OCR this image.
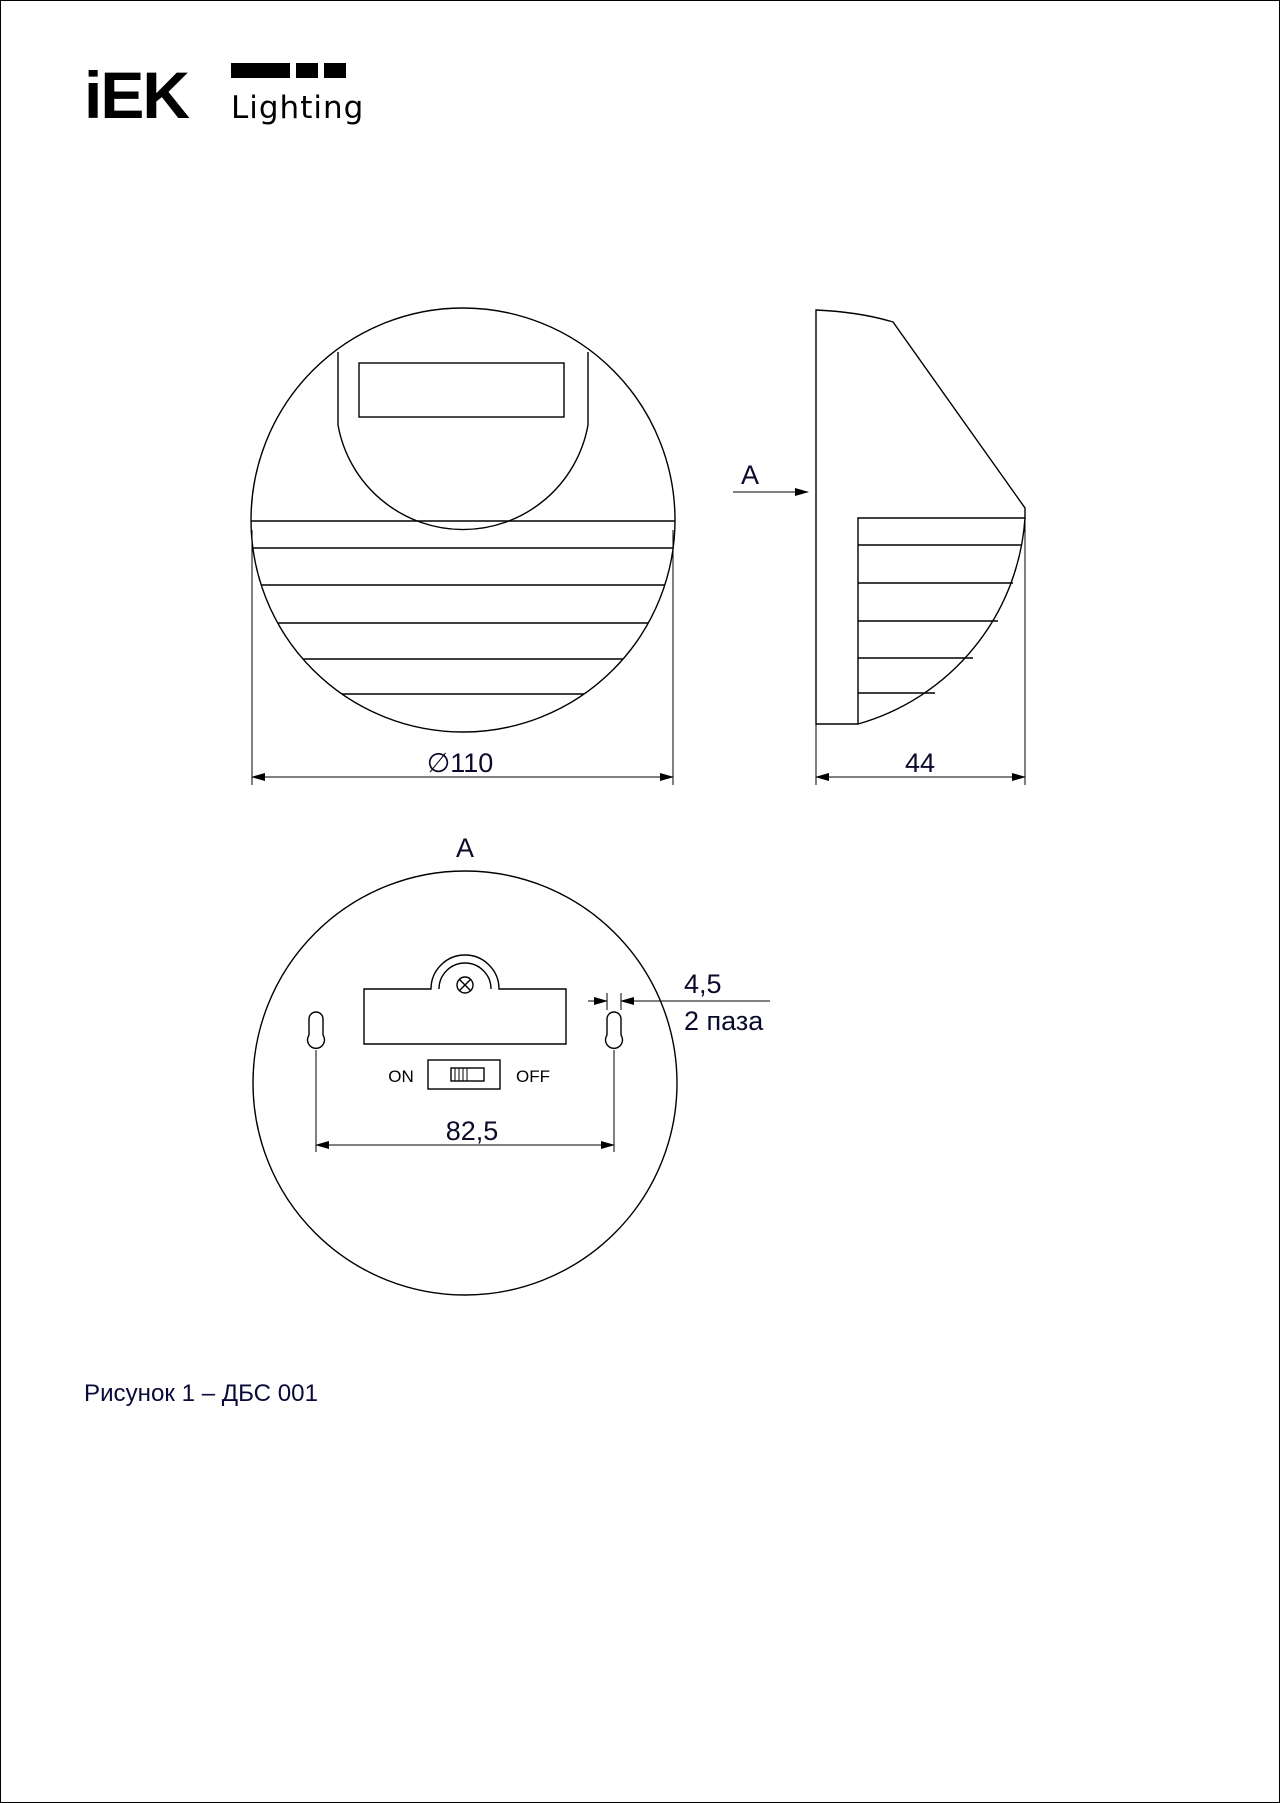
iEK Lighting
∅110
A
44
A
ON	OFF
4,5
2 паза
82,5
Рисунок 1 – ДБС 001
